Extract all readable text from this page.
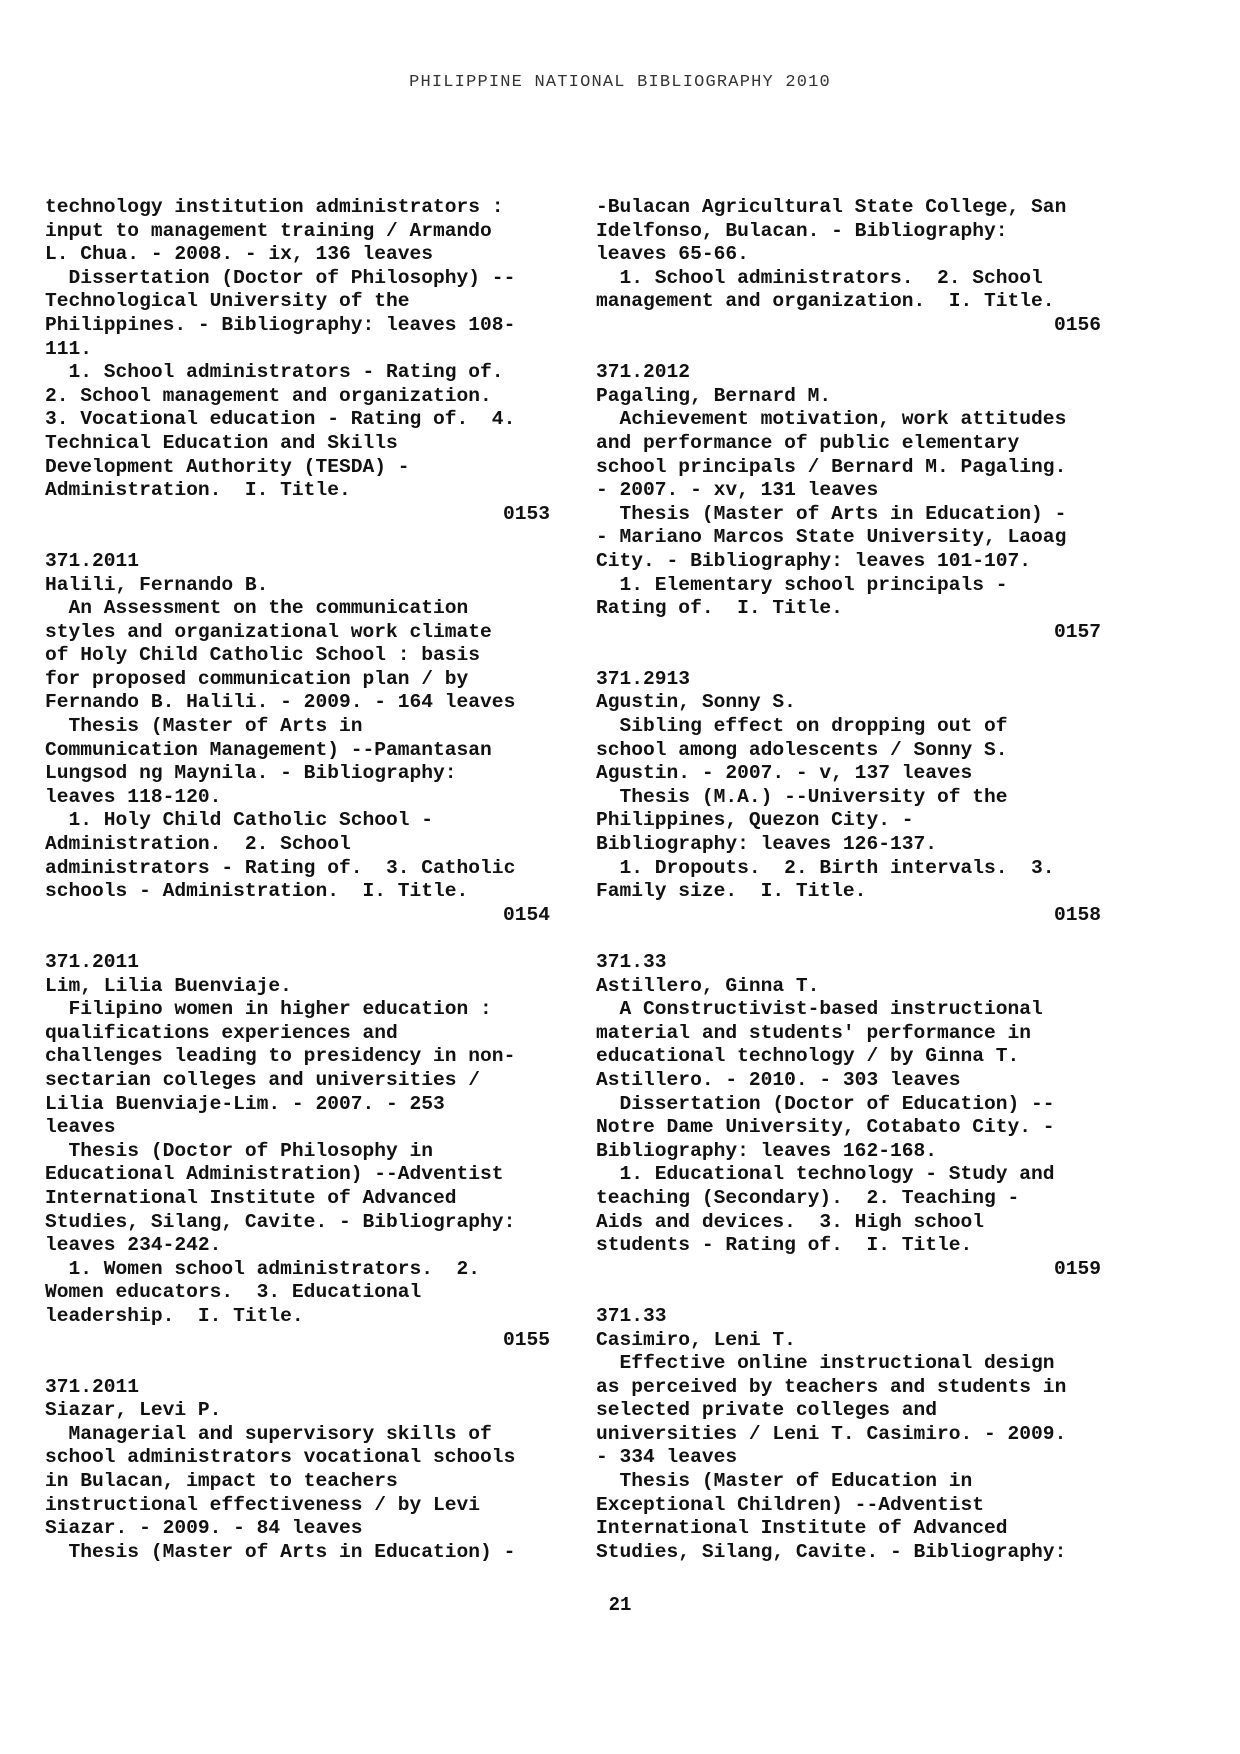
PHILIPPINE NATIONAL BIBLIOGRAPHY 2010
technology institution administrators :
input to management training / Armando
L. Chua. - 2008. - ix, 136 leaves
Dissertation (Doctor of Philosophy) --
Technological University of the
Philippines. - Bibliography: leaves 108-
111.
1. School administrators - Rating of.
2. School management and organization.
3. Vocational education - Rating of.  4.
Technical Education and Skills
Development Authority (TESDA) -
Administration.  I. Title.
0153
371.2011
Halili, Fernando B.
An Assessment on the communication
styles and organizational work climate
of Holy Child Catholic School : basis
for proposed communication plan / by
Fernando B. Halili. - 2009. - 164 leaves
Thesis (Master of Arts in
Communication Management) --Pamantasan
Lungsod ng Maynila. - Bibliography:
leaves 118-120.
1. Holy Child Catholic School -
Administration.  2. School
administrators - Rating of.  3. Catholic
schools - Administration.  I. Title.
0154
371.2011
Lim, Lilia Buenviaje.
Filipino women in higher education :
qualifications experiences and
challenges leading to presidency in non-
sectarian colleges and universities /
Lilia Buenviaje-Lim. - 2007. - 253
leaves
Thesis (Doctor of Philosophy in
Educational Administration) --Adventist
International Institute of Advanced
Studies, Silang, Cavite. - Bibliography:
leaves 234-242.
1. Women school administrators.  2.
Women educators.  3. Educational
leadership.  I. Title.
0155
371.2011
Siazar, Levi P.
Managerial and supervisory skills of
school administrators vocational schools
in Bulacan, impact to teachers
instructional effectiveness / by Levi
Siazar. - 2009. - 84 leaves
Thesis (Master of Arts in Education) -
-Bulacan Agricultural State College, San
Idelfonso, Bulacan. - Bibliography:
leaves 65-66.
1. School administrators.  2. School
management and organization.  I. Title.
0156
371.2012
Pagaling, Bernard M.
Achievement motivation, work attitudes
and performance of public elementary
school principals / Bernard M. Pagaling.
- 2007. - xv, 131 leaves
Thesis (Master of Arts in Education) -
- Mariano Marcos State University, Laoag
City. - Bibliography: leaves 101-107.
1. Elementary school principals -
Rating of.  I. Title.
0157
371.2913
Agustin, Sonny S.
Sibling effect on dropping out of
school among adolescents / Sonny S.
Agustin. - 2007. - v, 137 leaves
Thesis (M.A.) --University of the
Philippines, Quezon City. -
Bibliography: leaves 126-137.
1. Dropouts.  2. Birth intervals.  3.
Family size.  I. Title.
0158
371.33
Astillero, Ginna T.
A Constructivist-based instructional
material and students' performance in
educational technology / by Ginna T.
Astillero. - 2010. - 303 leaves
Dissertation (Doctor of Education) --
Notre Dame University, Cotabato City. -
Bibliography: leaves 162-168.
1. Educational technology - Study and
teaching (Secondary).  2. Teaching -
Aids and devices.  3. High school
students - Rating of.  I. Title.
0159
371.33
Casimiro, Leni T.
Effective online instructional design
as perceived by teachers and students in
selected private colleges and
universities / Leni T. Casimiro. - 2009.
- 334 leaves
Thesis (Master of Education in
Exceptional Children) --Adventist
International Institute of Advanced
Studies, Silang, Cavite. - Bibliography:
21
